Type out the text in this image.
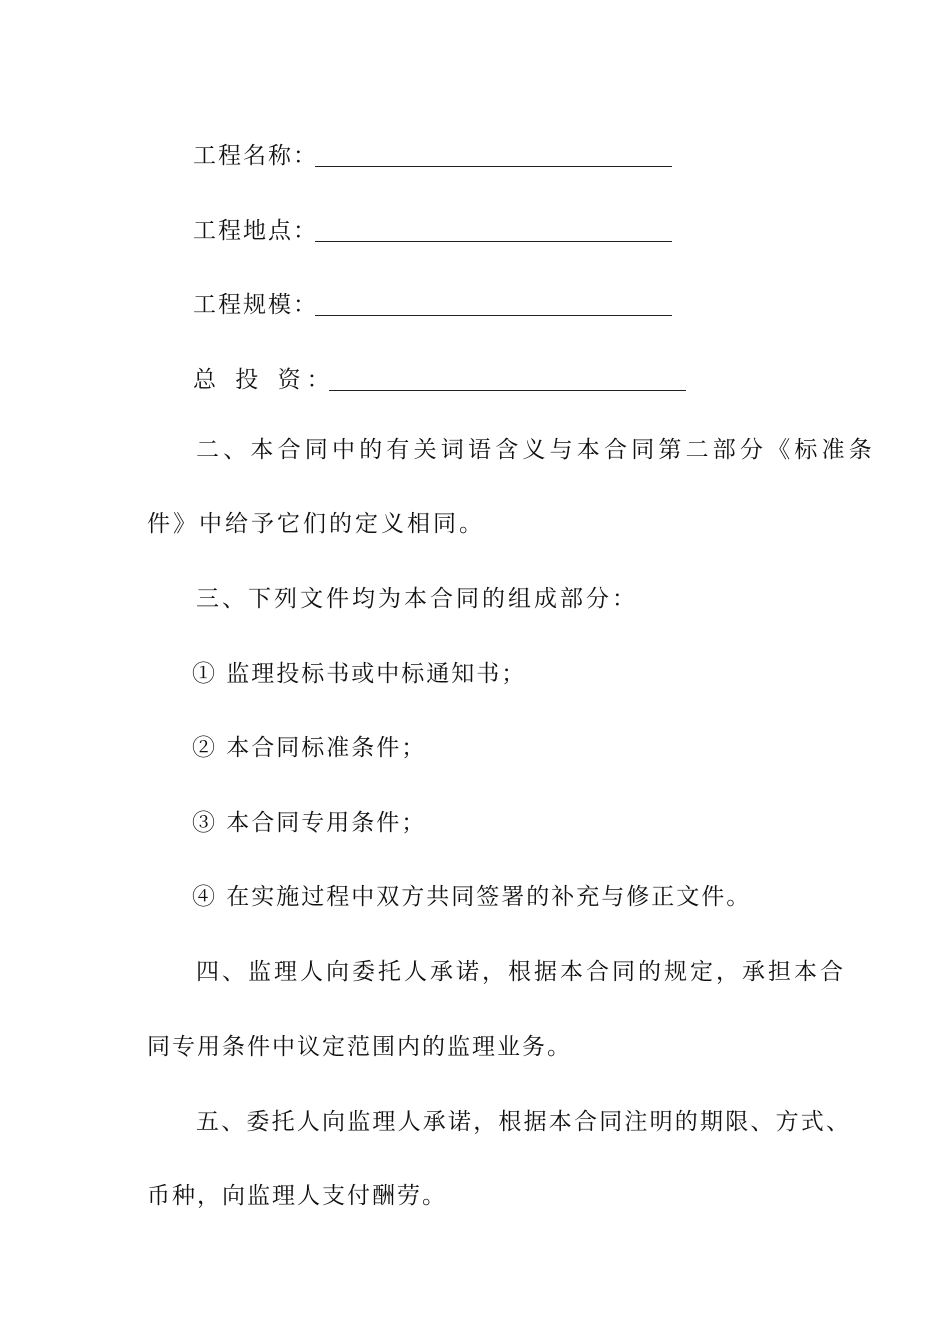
工程名称 ：
工程地点 ：
工程规模 ：
总 投 资 ：
二、本合同中的有关词语含义与本合同第二部分《标准条
件》中给予它们的定义相同。
三、下列文件均为本合同的组成部分：
① 监理投标书或中标通知书；
② 本合同标准条件；
③ 本合同专用条件；
④ 在实施过程中双方共同签署的补充与修正文件。
四、监理人向委托人承诺，根据本合同的规定，承担本合
同专用条件中议定范围内的监理业务。
五、委托人向监理人承诺，根据本合同注明的期限、方式、
币种，向监理人支付酬劳。
